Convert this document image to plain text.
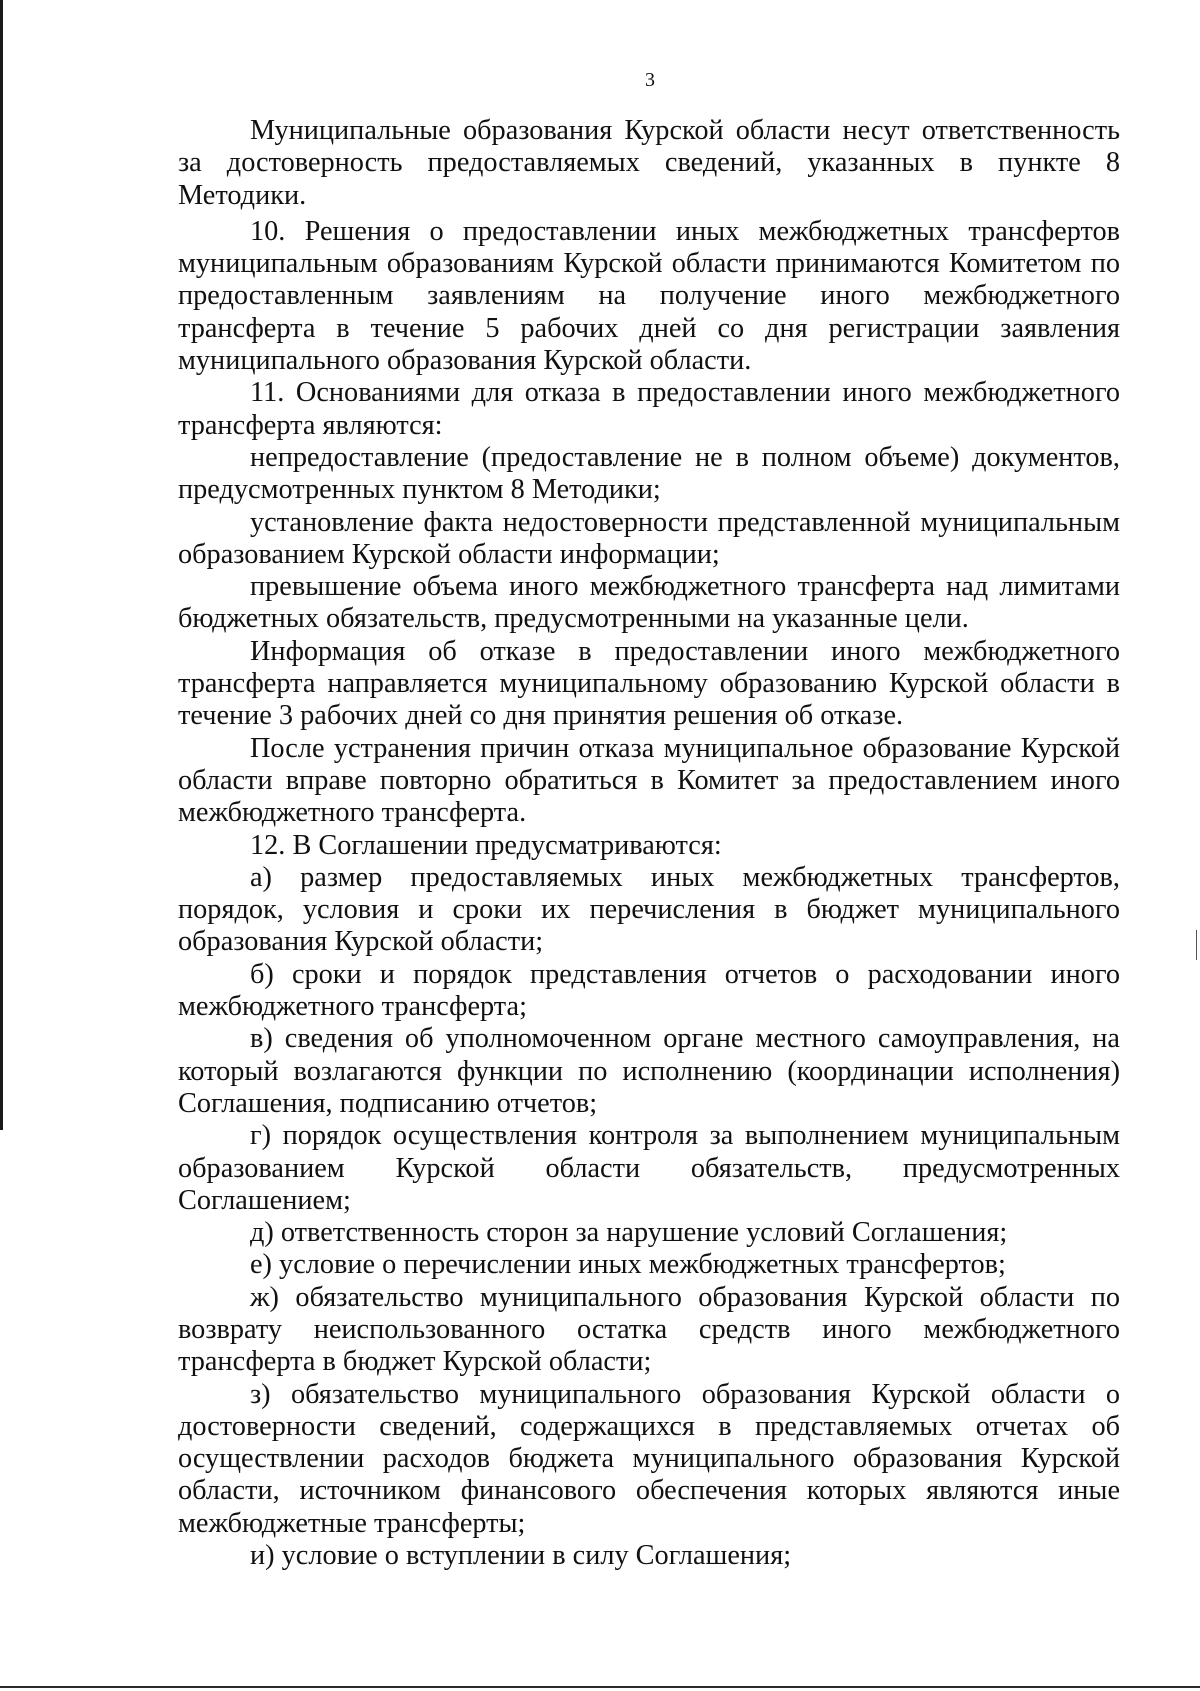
3

Муниципальные образования Курской области несут ответственность за достоверность предоставляемых сведений, указанных в пункте 8 Методики.

10. Решения о предоставлении иных межбюджетных трансфертов муниципальным образованиям Курской области принимаются Комитетом по предоставленным заявлениям на получение иного межбюджетного трансферта в течение 5 рабочих дней со дня регистрации заявления муниципального образования Курской области.

11. Основаниями для отказа в предоставлении иного межбюджетного трансферта являются:

непредоставление (предоставление не в полном объеме) документов, предусмотренных пунктом 8 Методики;

установление факта недостоверности представленной муниципальным образованием Курской области информации;

превышение объема иного межбюджетного трансферта над лимитами бюджетных обязательств, предусмотренными на указанные цели.

Информация об отказе в предоставлении иного межбюджетного трансферта направляется муниципальному образованию Курской области в течение 3 рабочих дней со дня принятия решения об отказе.

После устранения причин отказа муниципальное образование Курской области вправе повторно обратиться в Комитет за предоставлением иного межбюджетного трансферта.

12. В Соглашении предусматриваются:

а) размер предоставляемых иных межбюджетных трансфертов, порядок, условия и сроки их перечисления в бюджет муниципального образования Курской области;

б) сроки и порядок представления отчетов о расходовании иного межбюджетного трансферта;

в) сведения об уполномоченном органе местного самоуправления, на который возлагаются функции по исполнению (координации исполнения) Соглашения, подписанию отчетов;

г) порядок осуществления контроля за выполнением муниципальным образованием Курской области обязательств, предусмотренных Соглашением;

д) ответственность сторон за нарушение условий Соглашения;

е) условие о перечислении иных межбюджетных трансфертов;

ж) обязательство муниципального образования Курской области по возврату неиспользованного остатка средств иного межбюджетного трансферта в бюджет Курской области;

з) обязательство муниципального образования Курской области о достоверности сведений, содержащихся в представляемых отчетах об осуществлении расходов бюджета муниципального образования Курской области, источником финансового обеспечения которых являются иные межбюджетные трансферты;

и) условие о вступлении в силу Соглашения;
